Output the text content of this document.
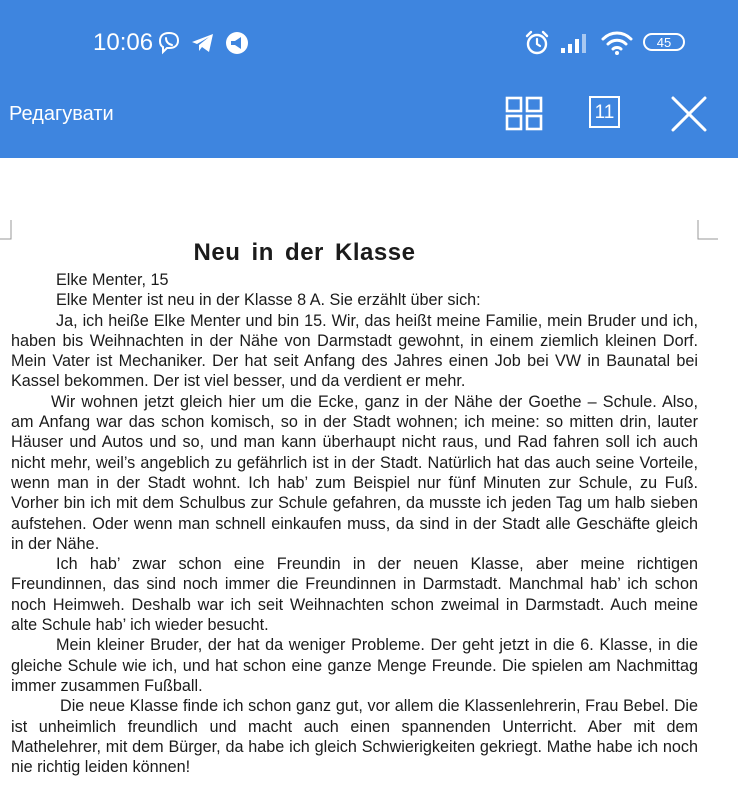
10:06	45
Редагувати	11
Neu in der Klasse

Elke Menter, 15

Elke Menter ist neu in der Klasse 8 A. Sie erzählt über sich:

Ja, ich heiße Elke Menter und bin 15. Wir, das heißt meine Familie, mein Bruder und ich, haben bis Weihnachten in der Nähe von Darmstadt gewohnt, in einem ziemlich kleinen Dorf. Mein Vater ist Mechaniker. Der hat seit Anfang des Jahres einen Job bei VW in Baunatal bei Kassel bekommen. Der ist viel besser, und da verdient er mehr.

Wir wohnen jetzt gleich hier um die Ecke, ganz in der Nähe der Goethe – Schule. Also, am Anfang war das schon komisch, so in der Stadt wohnen; ich meine: so mitten drin, lauter Häuser und Autos und so, und man kann überhaupt nicht raus, und Rad fahren soll ich auch nicht mehr, weil’s angeblich zu gefährlich ist in der Stadt. Natürlich hat das auch seine Vorteile, wenn man in der Stadt wohnt. Ich hab’ zum Beispiel nur fünf Minuten zur Schule, zu Fuß. Vorher bin ich mit dem Schulbus zur Schule gefahren, da musste ich jeden Tag um halb sieben aufstehen. Oder wenn man schnell einkaufen muss, da sind in der Stadt alle Geschäfte gleich in der Nähe.

Ich hab’ zwar schon eine Freundin in der neuen Klasse, aber meine richtigen Freundinnen, das sind noch immer die Freundinnen in Darmstadt. Manchmal hab’ ich schon noch Heimweh. Deshalb war ich seit Weihnachten schon zweimal in Darmstadt. Auch meine alte Schule hab’ ich wieder besucht.

Mein kleiner Bruder, der hat da weniger Probleme. Der geht jetzt in die 6. Klasse, in die gleiche Schule wie ich, und hat schon eine ganze Menge Freunde. Die spielen am Nachmittag immer zusammen Fußball.

Die neue Klasse finde ich schon ganz gut, vor allem die Klassenlehrerin, Frau Bebel. Die ist unheimlich freundlich und macht auch einen spannenden Unterricht. Aber mit dem Mathelehrer, mit dem Bürger, da habe ich gleich Schwierigkeiten gekriegt. Mathe habe ich noch nie richtig leiden können!
